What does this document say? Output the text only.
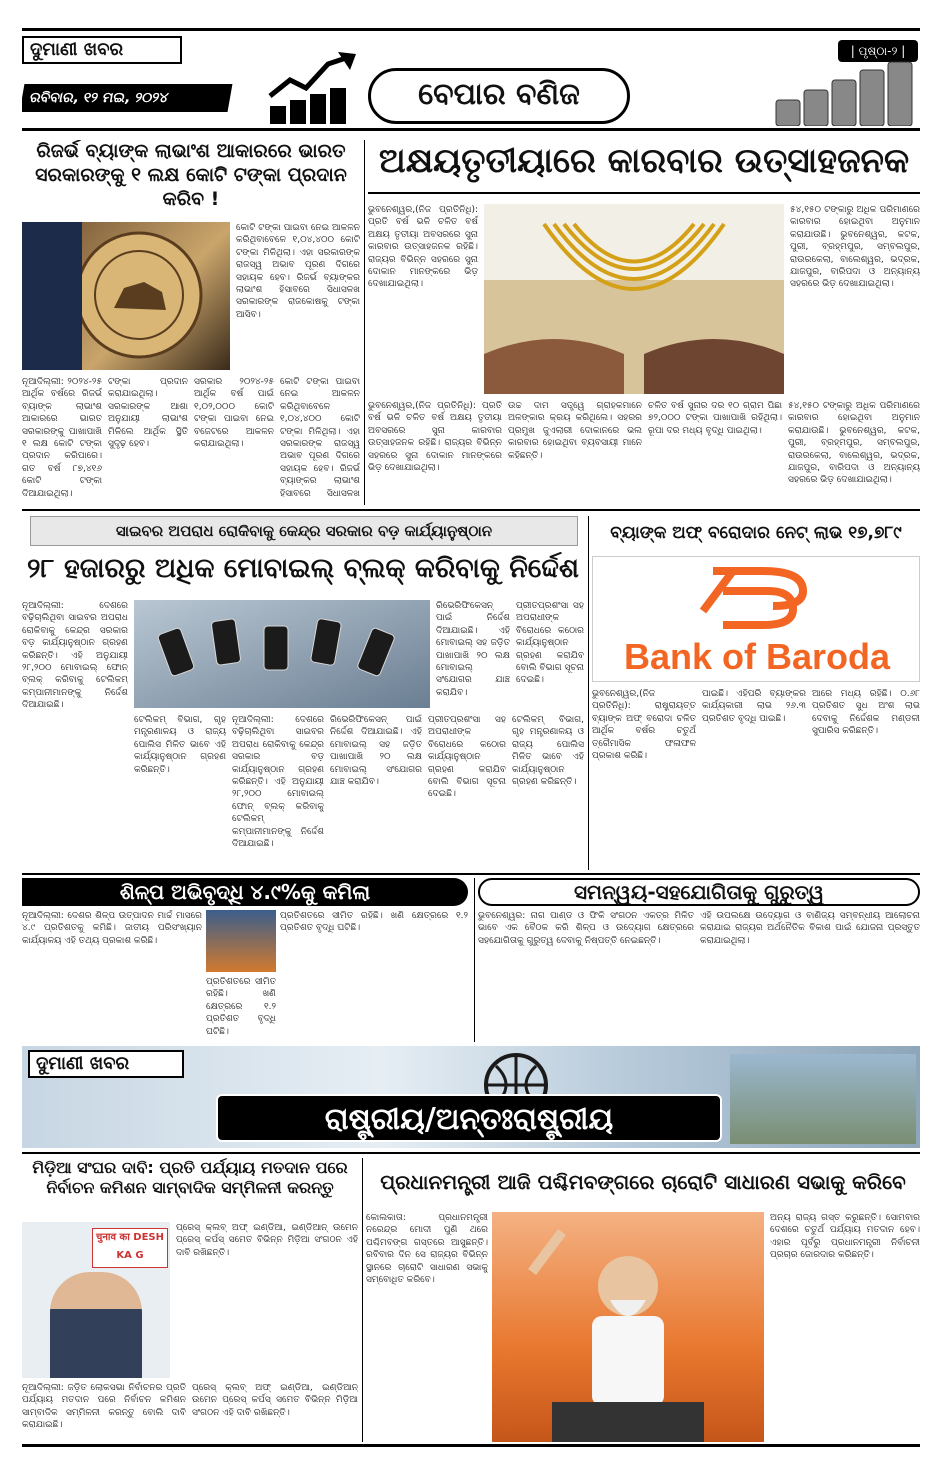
ଦୁମାଣୀ ଖବର
ରବିବାର, ୧୨ ମଇ, ୨୦୨୪	ବେପାର ବଣିଜ
| ପୃଷ୍ଠା-୨ |
ରିଜର୍ଭ ବ୍ୟାଙ୍କ ଲାଭାଂଶ ଆକାରରେ ଭାରତ ସରକାରଙ୍କୁ ୧ ଲକ୍ଷ କୋଟି ଟଙ୍କା ପ୍ରଦାନ କରିବ !
କୋଟି ଟଙ୍କା ପାଇବା ନେଇ ଆକଳନ କରିଥିବାବେଳେ ୧,୦୪,୪୦୦ କୋଟି ଟଙ୍କା ମିଳିଥିଲା। ଏହା ସରକାରଙ୍କ ରାଜସ୍ୱ ଅଭାବ ପୂରଣ ଦିଗରେ ସହାୟକ ହେବ। ରିଜର୍ଭ ବ୍ୟାଙ୍କର ଲାଭାଂଶ ହିସାବରେ ସିଧାସଳଖ ସରକାରଙ୍କ ରାଜକୋଷକୁ ଟଙ୍କା ଆସିବ।
ନୂଆଦିଲ୍ଲୀ: ୨୦୨୪-୨୫ ଆର୍ଥିକ ବର୍ଷରେ ରିଜର୍ଭ ବ୍ୟାଙ୍କ ଲାଭାଂଶ ଆକାରରେ ଭାରତ ସରକାରଙ୍କୁ ପାଖାପାଖି ୧ ଲକ୍ଷ କୋଟି ଟଙ୍କା ପ୍ରଦାନ କରିପାରେ। ଗତ ବର୍ଷ ୮୭,୪୧୬ କୋଟି ଟଙ୍କା ଦିଆଯାଇଥିଲା।
ଟଙ୍କା ପ୍ରଦାନ କରାଯାଇଥିଲା। ସରକାରଙ୍କ ଆଶା ଅନୁଯାୟୀ ଲାଭାଂଶ ମିଳିଲେ ଆର୍ଥିକ ସ୍ଥିତି ସୁଦୃଢ଼ ହେବ।
ସରକାର ୨୦୨୪-୨୫ ଆର୍ଥିକ ବର୍ଷ ପାଇଁ ୧,୦୨,୦୦୦ କୋଟି ଟଙ୍କା ପାଇବା ନେଇ ବଜେଟରେ ଆକଳନ କରାଯାଇଥିଲା।
କୋଟି ଟଙ୍କା ପାଇବା ନେଇ ଆକଳନ କରିଥିବାବେଳେ ୧,୦୪,୪୦୦ କୋଟି ଟଙ୍କା ମିଳିଥିଲା। ଏହା ସରକାରଙ୍କ ରାଜସ୍ୱ ଅଭାବ ପୂରଣ ଦିଗରେ ସହାୟକ ହେବ। ରିଜର୍ଭ ବ୍ୟାଙ୍କର ଲାଭାଂଶ ହିସାବରେ ସିଧାସଳଖ
ଅକ୍ଷୟତୃତୀୟାରେ କାରବାର ଉତ୍ସାହଜନକ
ଭୁବନେଶ୍ୱର,(ନିଜ ପ୍ରତିନିଧି): ପ୍ରତି ବର୍ଷ ଭଳି ଚଳିତ ବର୍ଷ ଅକ୍ଷୟ ତୃତୀୟା ଅବସରରେ ସୁନା କାରବାର ଉତ୍ସାହଜନକ ରହିଛି। ରାଜ୍ୟର ବିଭିନ୍ନ ସହରରେ ସୁନା ଦୋକାନ ମାନଙ୍କରେ ଭିଡ଼ ଦେଖାଯାଇଥିଲା।
୫୪,୧୫୦ ଟଙ୍କାରୁ ଅଧିକ ପରିମାଣରେ କାରବାର ହୋଇଥିବା ଅନୁମାନ କରାଯାଉଛି। ଭୁବନେଶ୍ୱର, କଟକ, ପୁରୀ, ବ୍ରହ୍ମପୁର, ସମ୍ବଲପୁର, ରାଉରକେଲା, ବାଲେଶ୍ୱର, ଭଦ୍ରକ, ଯାଜପୁର, ବାରିପଦା ଓ ଅନ୍ୟାନ୍ୟ ସହରରେ ଭିଡ଼ ଦେଖାଯାଇଥିଲା।
ଭୁବନେଶ୍ୱର,(ନିଜ ପ୍ରତିନିଧି): ପ୍ରତି ବର୍ଷ ଭଳି ଚଳିତ ବର୍ଷ ଅକ୍ଷୟ ତୃତୀୟା ଅବସରରେ ସୁନା କାରବାର ଉତ୍ସାହଜନକ ରହିଛି। ରାଜ୍ୟର ବିଭିନ୍ନ ସହରରେ ସୁନା ଦୋକାନ ମାନଙ୍କରେ ଭିଡ଼ ଦେଖାଯାଇଥିଲା।
ଉଚ୍ଚ ଦାମ ସତ୍ତ୍ୱେ ଗ୍ରାହକମାନେ ଅଳଙ୍କାର କ୍ରୟ କରିଥିଲେ। ସହରର ପ୍ରମୁଖ ଜୁଏଲାରୀ ଦୋକାନରେ ଭଲ କାରବାର ହୋଇଥିବା ବ୍ୟବସାୟୀ ମାନେ କହିଛନ୍ତି।
ଚଳିତ ବର୍ଷ ସୁନାର ଦର ୧୦ ଗ୍ରାମ ପିଛା ୭୨,୦୦୦ ଟଙ୍କା ପାଖାପାଖି ରହିଥିଲା। ରୂପା ଦର ମଧ୍ୟ ବୃଦ୍ଧି ପାଇଥିଲା।
୫୪,୧୫୦ ଟଙ୍କାରୁ ଅଧିକ ପରିମାଣରେ କାରବାର ହୋଇଥିବା ଅନୁମାନ କରାଯାଉଛି। ଭୁବନେଶ୍ୱର, କଟକ, ପୁରୀ, ବ୍ରହ୍ମପୁର, ସମ୍ବଲପୁର, ରାଉରକେଲା, ବାଲେଶ୍ୱର, ଭଦ୍ରକ, ଯାଜପୁର, ବାରିପଦା ଓ ଅନ୍ୟାନ୍ୟ ସହରରେ ଭିଡ଼ ଦେଖାଯାଇଥିଲା।
ସାଇବର ଅପରାଧ ରୋକିବାକୁ କେନ୍ଦ୍ର ସରକାର ବଡ଼ କାର୍ଯ୍ୟାନୁଷ୍ଠାନ
୨୮ ହଜାରରୁ ଅଧିକ ମୋବାଇଲ୍ ବ୍ଲକ୍ କରିବାକୁ ନିର୍ଦ୍ଦେଶ
ନୂଆଦିଲ୍ଲୀ: ଦେଶରେ ବଢ଼ିଚାଲିଥିବା ସାଇବର ଅପରାଧ ରୋକିବାକୁ କେନ୍ଦ୍ର ସରକାର ବଡ଼ କାର୍ଯ୍ୟାନୁଷ୍ଠାନ ଗ୍ରହଣ କରିଛନ୍ତି। ଏହି ଅନୁଯାୟୀ ୨୮,୨୦୦ ମୋବାଇଲ୍ ଫୋନ୍ ବ୍ଲକ୍ କରିବାକୁ ଟେଲିକମ୍ କମ୍ପାନୀମାନଙ୍କୁ ନିର୍ଦ୍ଦେଶ ଦିଆଯାଇଛି।
ରିଭେରିଫିକେସନ୍ ପାଇଁ ନିର୍ଦ୍ଦେଶ ଦିଆଯାଇଛି। ଏହି ମୋବାଇଲ୍ ସହ ଜଡ଼ିତ ପାଖାପାଖି ୨୦ ଲକ୍ଷ ମୋବାଇଲ୍ ସଂଯୋଗର ଯାଞ୍ଚ କରାଯିବ।
ପ୍ରୀତପ୍ରଶଂସା ସହ ଅପରାଧୀଙ୍କ ବିରୋଧରେ କଠୋର କାର୍ଯ୍ୟାନୁଷ୍ଠାନ ଗ୍ରହଣ କରାଯିବ ବୋଲି ବିଭାଗ ସୂଚନା ଦେଇଛି।
ଟେଲିକମ୍ ବିଭାଗ, ଗୃହ ମନ୍ତ୍ରଣାଳୟ ଓ ରାଜ୍ୟ ପୋଲିସ ମିଳିତ ଭାବେ ଏହି କାର୍ଯ୍ୟାନୁଷ୍ଠାନ ଗ୍ରହଣ କରିଛନ୍ତି।
ନୂଆଦିଲ୍ଲୀ: ଦେଶରେ ବଢ଼ିଚାଲିଥିବା ସାଇବର ଅପରାଧ ରୋକିବାକୁ କେନ୍ଦ୍ର ସରକାର ବଡ଼ କାର୍ଯ୍ୟାନୁଷ୍ଠାନ ଗ୍ରହଣ କରିଛନ୍ତି। ଏହି ଅନୁଯାୟୀ ୨୮,୨୦୦ ମୋବାଇଲ୍ ଫୋନ୍ ବ୍ଲକ୍ କରିବାକୁ ଟେଲିକମ୍ କମ୍ପାନୀମାନଙ୍କୁ ନିର୍ଦ୍ଦେଶ ଦିଆଯାଇଛି।
ରିଭେରିଫିକେସନ୍ ପାଇଁ ନିର୍ଦ୍ଦେଶ ଦିଆଯାଇଛି। ଏହି ମୋବାଇଲ୍ ସହ ଜଡ଼ିତ ପାଖାପାଖି ୨୦ ଲକ୍ଷ ମୋବାଇଲ୍ ସଂଯୋଗର ଯାଞ୍ଚ କରାଯିବ।
ପ୍ରୀତପ୍ରଶଂସା ସହ ଅପରାଧୀଙ୍କ ବିରୋଧରେ କଠୋର କାର୍ଯ୍ୟାନୁଷ୍ଠାନ ଗ୍ରହଣ କରାଯିବ ବୋଲି ବିଭାଗ ସୂଚନା ଦେଇଛି।
ଟେଲିକମ୍ ବିଭାଗ, ଗୃହ ମନ୍ତ୍ରଣାଳୟ ଓ ରାଜ୍ୟ ପୋଲିସ ମିଳିତ ଭାବେ ଏହି କାର୍ଯ୍ୟାନୁଷ୍ଠାନ ଗ୍ରହଣ କରିଛନ୍ତି।
ବ୍ୟାଙ୍କ ଅଫ୍ ବରୋଦାର ନେଟ୍ ଲାଭ ୧୭,୭୮୯
Bank of Baroda
ଭୁବନେଶ୍ୱର,(ନିଜ ପ୍ରତିନିଧି): ରାଷ୍ଟ୍ରାୟତ୍ତ ବ୍ୟାଙ୍କ ଅଫ୍ ବରୋଦା ଚଳିତ ଆର୍ଥିକ ବର୍ଷର ଚତୁର୍ଥ ତ୍ରୈମାସିକ ଫଳାଫଳ ପ୍ରକାଶ କରିଛି।
ପାଇଛିି। ଏହିପରି ବ୍ୟାଙ୍କର କାର୍ଯ୍ୟକାରୀ ଲାଭ ୨୬.୩ ପ୍ରତିଶତ ବୃଦ୍ଧି ପାଇଛି।
ଆରେ ମଧ୍ୟ ରହିଛି। ୦.୬୮ ପ୍ରତିଶତ ସୁଧ ଅଂଶ ଲାଭ ଦେବାକୁ ନିର୍ଦ୍ଦେଶକ ମଣ୍ଡଳୀ ସୁପାରିସ କରିଛନ୍ତି।
ଶିଳ୍ପ ଅଭିବୃଦ୍ଧି ୪.୯%କୁ କମିଲା
ନୂଆଦିଲ୍ଲୀ: ଦେଶର ଶିଳ୍ପ ଉତ୍ପାଦନ ମାର୍ଚ୍ଚ ମାସରେ ୪.୯ ପ୍ରତିଶତକୁ କମିଛି। ଜାତୀୟ ପରିସଂଖ୍ୟାନ କାର୍ଯ୍ୟାଳୟ ଏହି ତଥ୍ୟ ପ୍ରକାଶ କରିଛି।
ପ୍ରତିଶତରେ ସୀମିତ ରହିଛି। ଖଣି କ୍ଷେତ୍ରରେ ୧.୨ ପ୍ରତିଶତ ବୃଦ୍ଧି ଘଟିଛି।
ପ୍ରତିଶତରେ ସୀମିତ ରହିଛି। ଖଣି କ୍ଷେତ୍ରରେ ୧.୨ ପ୍ରତିଶତ ବୃଦ୍ଧି ଘଟିଛି।
ସମନ୍ୱୟ-ସହଯୋଗିତାକୁ ଗୁରୁତ୍ୱ
ଭୁବନେଶ୍ୱର: ନାଗ ପାଣ୍ଡ ଓ ଫିକି ସଂଗଠନ ଏକତ୍ର ମିଳିତ ଭାବେ ଏକ ବୈଠକ କରି ଶିଳ୍ପ ଓ ଉଦ୍ୟୋଗ କ୍ଷେତ୍ରରେ ସହଯୋଗିତାକୁ ଗୁରୁତ୍ୱ ଦେବାକୁ ନିଷ୍ପତ୍ତି ନେଇଛନ୍ତି।
ଏହି ଉପଲକ୍ଷେ ଉଦ୍ୟୋଗ ଓ ବାଣିଜ୍ୟ ସମ୍ବନ୍ଧୀୟ ଆଲୋଚନା କରାଯାଇ ରାଜ୍ୟର ଅର୍ଥନୈତିକ ବିକାଶ ପାଇଁ ଯୋଜନା ପ୍ରସ୍ତୁତ କରାଯାଇଥିଲା।
ଦୁମାଣୀ ଖବର
ରାଷ୍ଟ୍ରୀୟ/ଅନ୍ତଃରାଷ୍ଟ୍ରୀୟ
ମିଡ଼ିଆ ସଂଘର ଦାବି: ପ୍ରତି ପର୍ଯ୍ୟାୟ ମତଦାନ ପରେ ନିର୍ବାଚନ କମିଶନ ସାମ୍ବାଦିକ ସମ୍ମିଳନୀ କରନ୍ତୁ
चुनाव का DESH KA G
ପ୍ରେସ୍ କ୍ଲବ୍ ଅଫ୍ ଇଣ୍ଡିଆ, ଇଣ୍ଡିଆନ୍ ଉମେନ ପ୍ରେସ୍ କର୍ପସ୍ ସମେତ ବିଭିନ୍ନ ମିଡ଼ିଆ ସଂଗଠନ ଏହି ଦାବି ରଖିଛନ୍ତି।
ନୂଆଦିଲ୍ଲୀ: ଜଡ଼ିତ ଲୋକସଭା ନିର୍ବାଚନର ପ୍ରତି ପର୍ଯ୍ୟାୟ ମତଦାନ ପରେ ନିର୍ବାଚନ କମିଶନ ସାମ୍ବାଦିକ ସମ୍ମିଳନୀ କରନ୍ତୁ ବୋଲି ଦାବି କରାଯାଇଛି।
ପ୍ରେସ୍ କ୍ଲବ୍ ଅଫ୍ ଇଣ୍ଡିଆ, ଇଣ୍ଡିଆନ୍ ଉମେନ ପ୍ରେସ୍ କର୍ପସ୍ ସମେତ ବିଭିନ୍ନ ମିଡ଼ିଆ ସଂଗଠନ ଏହି ଦାବି ରଖିଛନ୍ତି।
ପ୍ରଧାନମନ୍ତ୍ରୀ ଆଜି ପଶ୍ଚିମବଙ୍ଗରେ ଚାରୋଟି ସାଧାରଣ ସଭାକୁ କରିବେ
କୋଲକାତା: ପ୍ରଧାନମନ୍ତ୍ରୀ ନରେନ୍ଦ୍ର ମୋଦୀ ପୁଣି ଥରେ ପଶ୍ଚିମବଙ୍ଗ ଗସ୍ତରେ ଆସୁଛନ୍ତି। ରବିବାର ଦିନ ସେ ରାଜ୍ୟର ବିଭିନ୍ନ ସ୍ଥାନରେ ଚାରୋଟି ସାଧାରଣ ସଭାକୁ ସମ୍ବୋଧିତ କରିବେ।
ଅନ୍ୟ ରାଜ୍ୟ ଗସ୍ତ କରୁଛନ୍ତି। ସୋମବାର ଦେଶରେ ଚତୁର୍ଥ ପର୍ଯ୍ୟାୟ ମତଦାନ ହେବ। ଏହାର ପୂର୍ବରୁ ପ୍ରଧାନମନ୍ତ୍ରୀ ନିର୍ବାଚନୀ ପ୍ରଚାର ଜୋରଦାର କରିଛନ୍ତି।
